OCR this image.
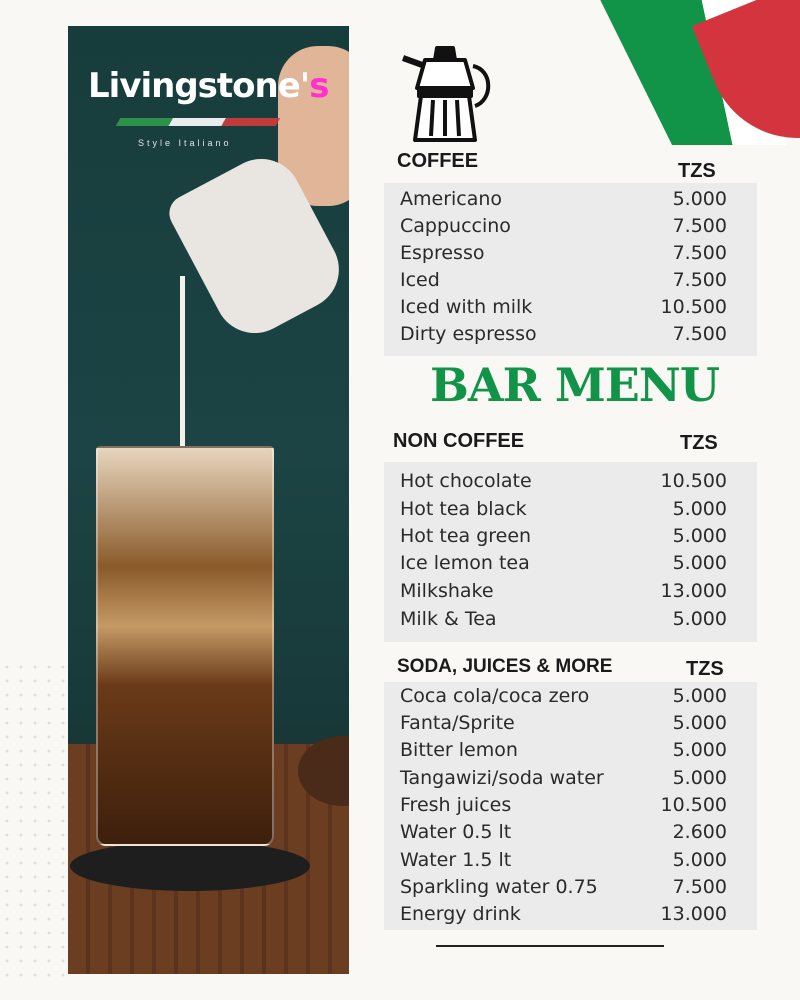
Livingstone's
Style Italiano
COFFEE	TZS
Americano	5.000
Cappuccino	7.500
Espresso	7.500
Iced	7.500
Iced with milk	10.500
Dirty espresso	7.500
BAR MENU
NON COFFEE	TZS
Hot chocolate	10.500
Hot tea black	5.000
Hot tea green	5.000
Ice lemon tea	5.000
Milkshake	13.000
Milk & Tea	5.000
SODA, JUICES & MORE	TZS
Coca cola/coca zero	5.000
Fanta/Sprite	5.000
Bitter lemon	5.000
Tangawizi/soda water	5.000
Fresh juices	10.500
Water 0.5 lt	2.600
Water 1.5 lt	5.000
Sparkling water 0.75	7.500
Energy drink	13.000
